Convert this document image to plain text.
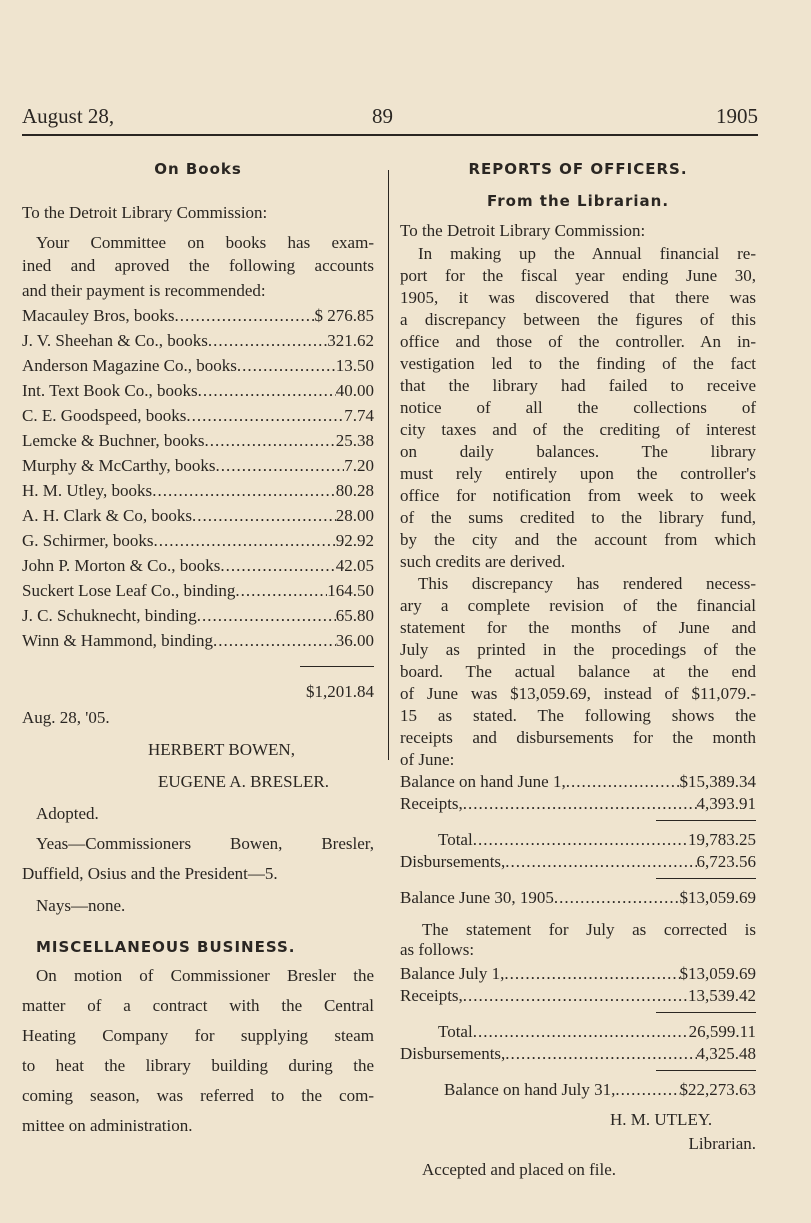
August 28,	89	1905
On Books
To the Detroit Library Commission:
Your Committee on books has exam-
ined and aproved the following accounts
and their payment is recommended:
Macauley Bros, books .....	$ 276.85
J. V. Sheehan & Co., books .....	321.62
Anderson Magazine Co., books .....	13.50
Int. Text Book Co., books .....	40.00
C. E. Goodspeed, books .....	7.74
Lemcke & Buchner, books .....	25.38
Murphy & McCarthy, books .....	7.20
H. M. Utley, books .....	80.28
A. H. Clark & Co, books .....	28.00
G. Schirmer, books .....	92.92
John P. Morton & Co., books .....	42.05
Suckert Lose Leaf Co., binding .....	164.50
J. C. Schuknecht, binding .....	65.80
Winn & Hammond, binding .....	36.00
$1,201.84
Aug. 28, '05.
HERBERT BOWEN,
EUGENE A. BRESLER.
Adopted.
Yeas—Commissioners Bowen, Bresler,
Duffield, Osius and the President—5.
Nays—none.
MISCELLANEOUS BUSINESS.
On motion of Commissioner Bresler the
matter of a contract with the Central
Heating Company for supplying steam
to heat the library building during the
coming season, was referred to the com-
mittee on administration.
REPORTS OF OFFICERS.
From the Librarian.
To the Detroit Library Commission:
In making up the Annual financial re-
port for the fiscal year ending June 30,
1905, it was discovered that there was
a discrepancy between the figures of this
office and those of the controller. An in-
vestigation led to the finding of the fact
that the library had failed to receive
notice of all the collections of
city taxes and of the crediting of interest
on daily balances. The library
must rely entirely upon the controller's
office for notification from week to week
of the sums credited to the library fund,
by the city and the account from which
such credits are derived.
This discrepancy has rendered necess-
ary a complete revision of the financial
statement for the months of June and
July as printed in the procedings of the
board. The actual balance at the end
of June was $13,059.69, instead of $11,079.-
15 as stated. The following shows the
receipts and disbursements for the month
of June:
Balance on hand June 1, .....	$15,389.34
Receipts, .....	4,393.91
Total .....	19,783.25
Disbursements, .....	6,723.56
Balance June 30, 1905 .....	$13,059.69
The statement for July as corrected is
as follows:
Balance July 1, .....	$13,059.69
Receipts, .....	13,539.42
Total .....	26,599.11
Disbursements, .....	4,325.48
Balance on hand July 31, .....	$22,273.63
H. M. UTLEY.
Librarian.
Accepted and placed on file.
